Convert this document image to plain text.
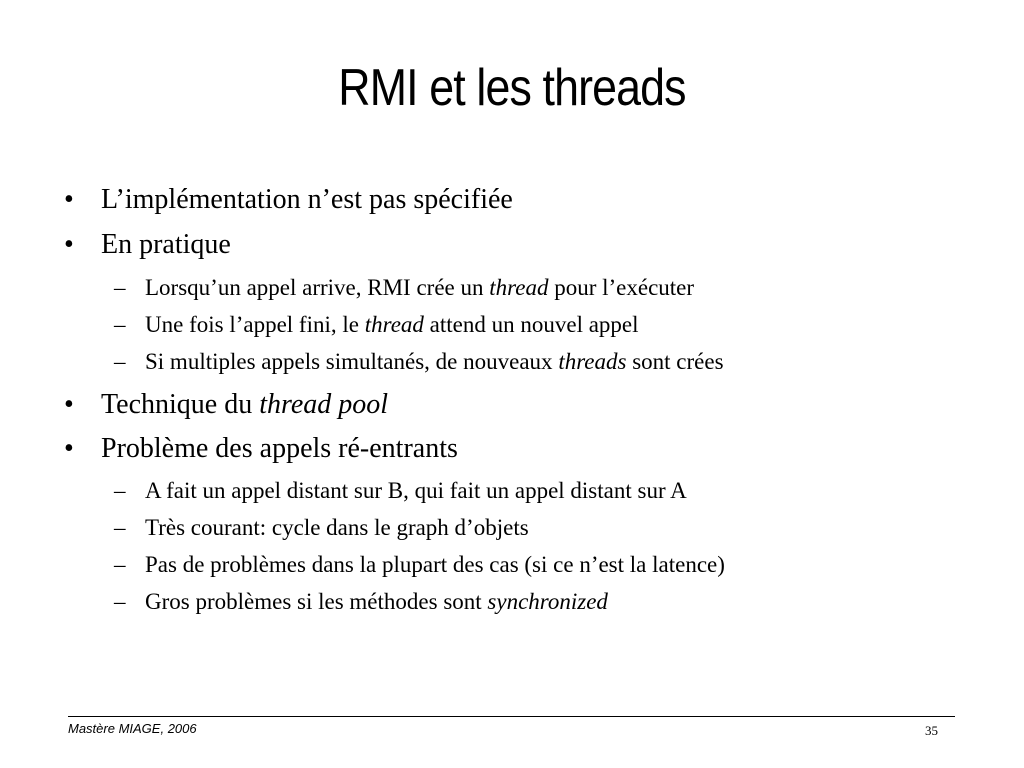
RMI et les threads
• L’implémentation n’est pas spécifiée
• En pratique
– Lorsqu’un appel arrive, RMI crée un thread pour l’exécuter
– Une fois l’appel fini, le thread attend un nouvel appel
– Si multiples appels simultanés, de nouveaux threads sont crées
• Technique du thread pool
• Problème des appels ré-entrants
– A fait un appel distant sur B, qui fait un appel distant sur A
– Très courant: cycle dans le graph d’objets
– Pas de problèmes dans la plupart des cas (si ce n’est la latence)
– Gros problèmes si les méthodes sont synchronized
Mastère MIAGE, 2006	35
